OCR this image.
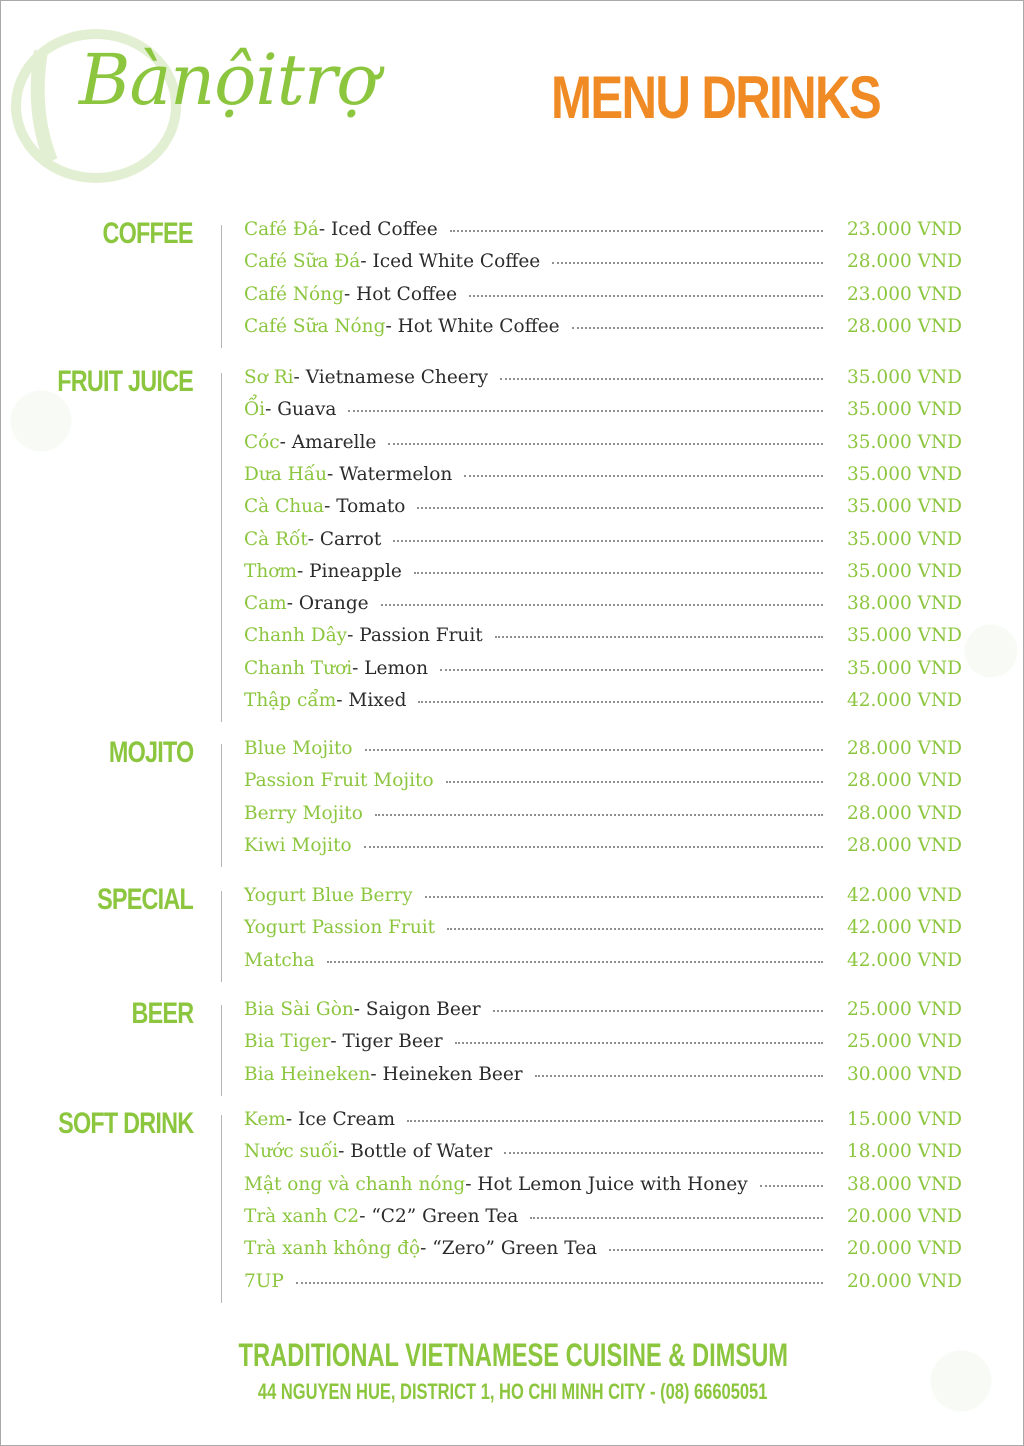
Bànộitrợ	MENU DRINKS
COFFEE	Café Đá - Iced Coffee	23.000 VND
Café Sữa Đá - Iced White Coffee	28.000 VND
Café Nóng - Hot Coffee	23.000 VND
Café Sữa Nóng - Hot White Coffee	28.000 VND
FRUIT JUICE	Sơ Ri - Vietnamese Cheery	35.000 VND
Ổi - Guava	35.000 VND
Cóc - Amarelle	35.000 VND
Dưa Hấu - Watermelon	35.000 VND
Cà Chua - Tomato	35.000 VND
Cà Rốt - Carrot	35.000 VND
Thơm - Pineapple	35.000 VND
Cam - Orange	38.000 VND
Chanh Dây - Passion Fruit	35.000 VND
Chanh Tươi - Lemon	35.000 VND
Thập cẩm - Mixed	42.000 VND
MOJITO	Blue Mojito	28.000 VND
Passion Fruit Mojito	28.000 VND
Berry Mojito	28.000 VND
Kiwi Mojito	28.000 VND
SPECIAL	Yogurt Blue Berry	42.000 VND
Yogurt Passion Fruit	42.000 VND
Matcha	42.000 VND
BEER	Bia Sài Gòn - Saigon Beer	25.000 VND
Bia Tiger - Tiger Beer	25.000 VND
Bia Heineken - Heineken Beer	30.000 VND
SOFT DRINK	Kem - Ice Cream	15.000 VND
Nước suối - Bottle of Water	18.000 VND
Mật ong và chanh nóng - Hot Lemon Juice with Honey	38.000 VND
Trà xanh C2 - “C2” Green Tea	20.000 VND
Trà xanh không độ - “Zero” Green Tea	20.000 VND
7UP	20.000 VND
TRADITIONAL VIETNAMESE CUISINE & DIMSUM
44 NGUYEN HUE, DISTRICT 1, HO CHI MINH CITY - (08) 66605051
